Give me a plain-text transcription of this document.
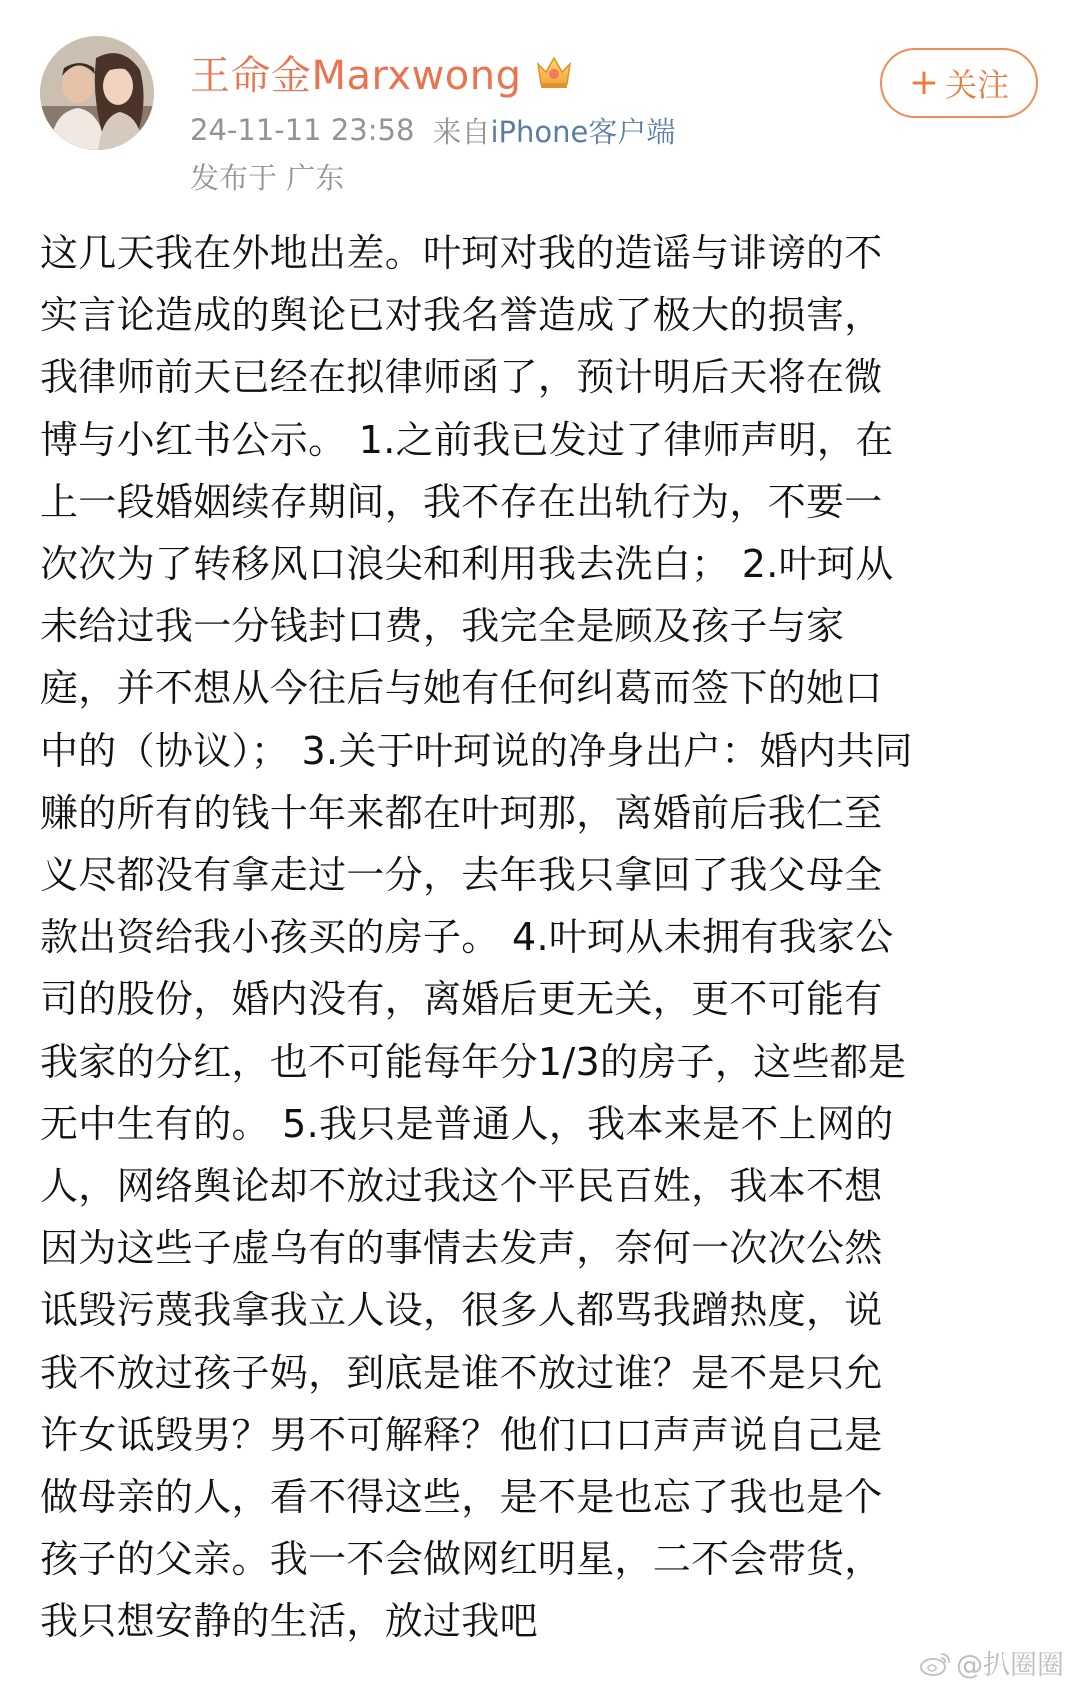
王命金Marxwong
24-11-11 23:58 来自 iPhone客户端
发布于 广东
+ 关注

这几天我在外地出差。叶珂对我的造谣与诽谤的不
实言论造成的舆论已对我名誉造成了极大的损害，
我律师前天已经在拟律师函了，预计明后天将在微
博与小红书公示。 1.之前我已发过了律师声明，在
上一段婚姻续存期间，我不存在出轨行为，不要一
次次为了转移风口浪尖和利用我去洗白； 2.叶珂从
未给过我一分钱封口费，我完全是顾及孩子与家
庭，并不想从今往后与她有任何纠葛而签下的她口
中的（协议）； 3.关于叶珂说的净身出户：婚内共同
赚的所有的钱十年来都在叶珂那，离婚前后我仁至
义尽都没有拿走过一分，去年我只拿回了我父母全
款出资给我小孩买的房子。 4.叶珂从未拥有我家公
司的股份，婚内没有，离婚后更无关，更不可能有
我家的分红，也不可能每年分1/3的房子，这些都是
无中生有的。 5.我只是普通人，我本来是不上网的
人，网络舆论却不放过我这个平民百姓，我本不想
因为这些子虚乌有的事情去发声，奈何一次次公然
诋毁污蔑我拿我立人设，很多人都骂我蹭热度，说
我不放过孩子妈，到底是谁不放过谁？是不是只允
许女诋毁男？男不可解释？他们口口声声说自己是
做母亲的人，看不得这些，是不是也忘了我也是个
孩子的父亲。我一不会做网红明星，二不会带货，
我只想安静的生活，放过我吧

@扒圈圈
